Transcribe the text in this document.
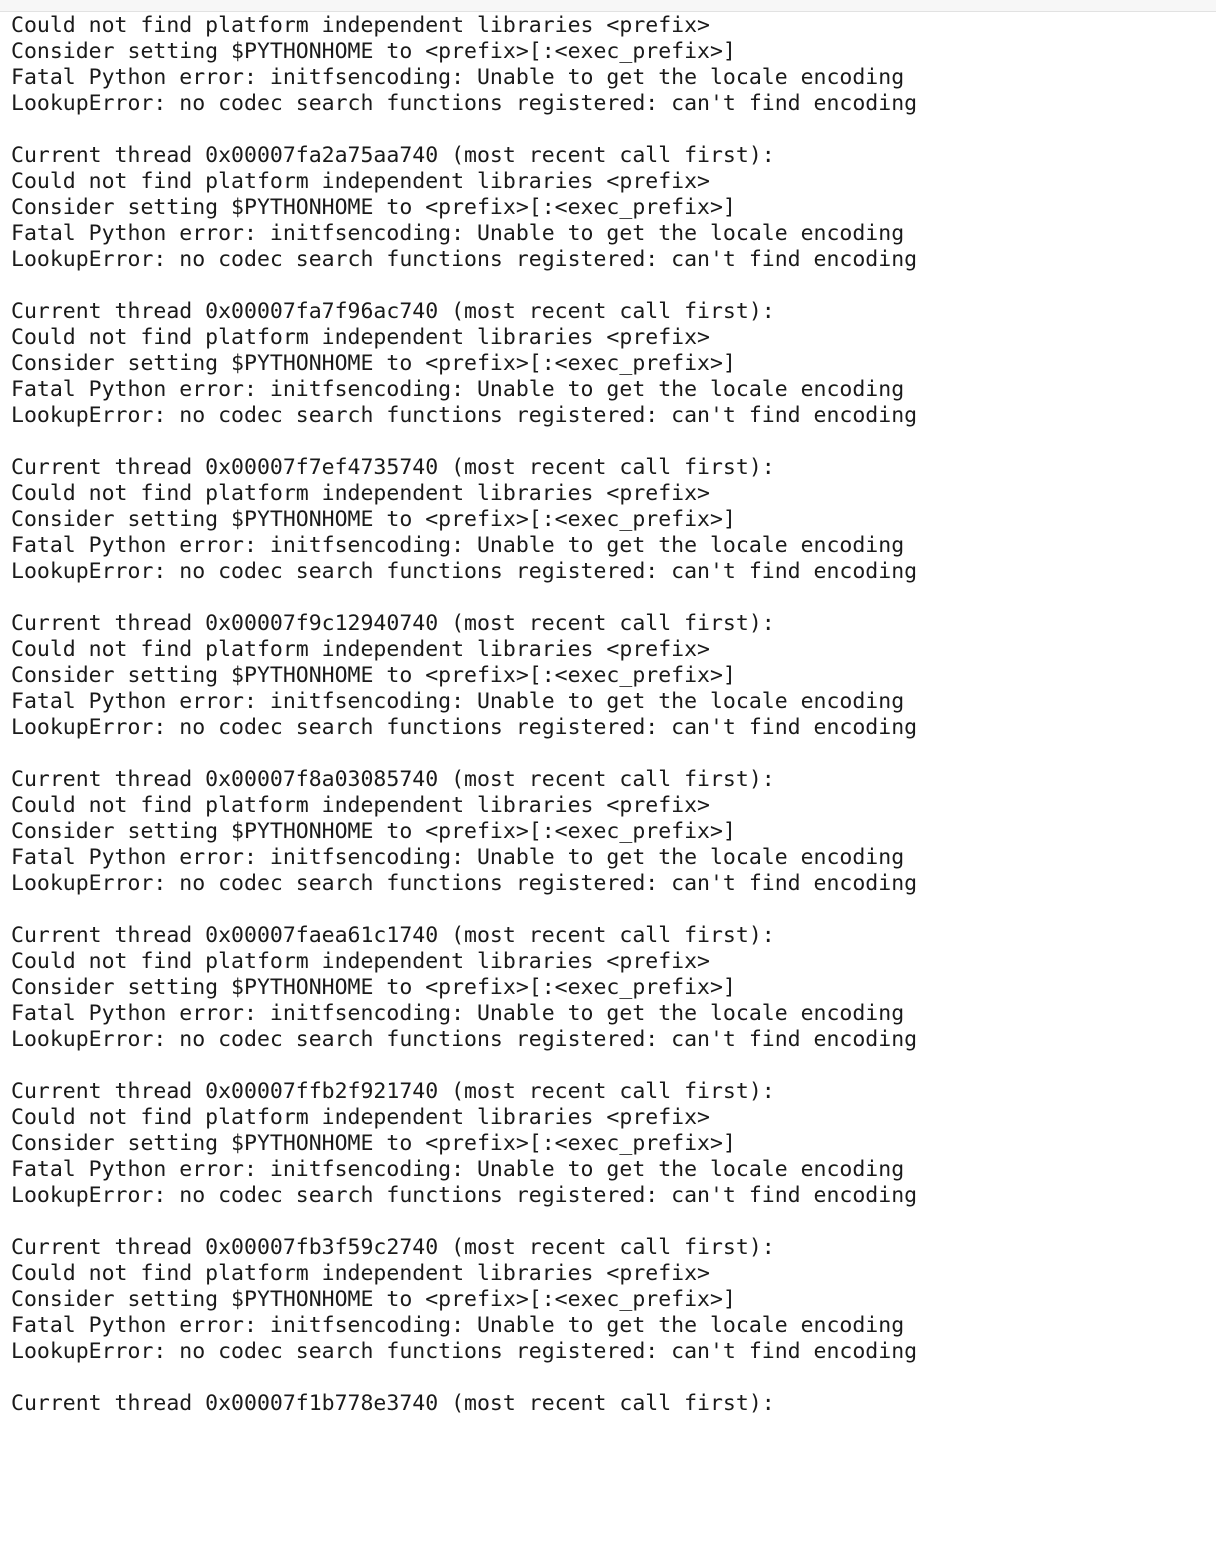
Could not find platform independent libraries <prefix>
Consider setting $PYTHONHOME to <prefix>[:<exec_prefix>]
Fatal Python error: initfsencoding: Unable to get the locale encoding
LookupError: no codec search functions registered: can't find encoding

Current thread 0x00007fa2a75aa740 (most recent call first):
Could not find platform independent libraries <prefix>
Consider setting $PYTHONHOME to <prefix>[:<exec_prefix>]
Fatal Python error: initfsencoding: Unable to get the locale encoding
LookupError: no codec search functions registered: can't find encoding

Current thread 0x00007fa7f96ac740 (most recent call first):
Could not find platform independent libraries <prefix>
Consider setting $PYTHONHOME to <prefix>[:<exec_prefix>]
Fatal Python error: initfsencoding: Unable to get the locale encoding
LookupError: no codec search functions registered: can't find encoding

Current thread 0x00007f7ef4735740 (most recent call first):
Could not find platform independent libraries <prefix>
Consider setting $PYTHONHOME to <prefix>[:<exec_prefix>]
Fatal Python error: initfsencoding: Unable to get the locale encoding
LookupError: no codec search functions registered: can't find encoding

Current thread 0x00007f9c12940740 (most recent call first):
Could not find platform independent libraries <prefix>
Consider setting $PYTHONHOME to <prefix>[:<exec_prefix>]
Fatal Python error: initfsencoding: Unable to get the locale encoding
LookupError: no codec search functions registered: can't find encoding

Current thread 0x00007f8a03085740 (most recent call first):
Could not find platform independent libraries <prefix>
Consider setting $PYTHONHOME to <prefix>[:<exec_prefix>]
Fatal Python error: initfsencoding: Unable to get the locale encoding
LookupError: no codec search functions registered: can't find encoding

Current thread 0x00007faea61c1740 (most recent call first):
Could not find platform independent libraries <prefix>
Consider setting $PYTHONHOME to <prefix>[:<exec_prefix>]
Fatal Python error: initfsencoding: Unable to get the locale encoding
LookupError: no codec search functions registered: can't find encoding

Current thread 0x00007ffb2f921740 (most recent call first):
Could not find platform independent libraries <prefix>
Consider setting $PYTHONHOME to <prefix>[:<exec_prefix>]
Fatal Python error: initfsencoding: Unable to get the locale encoding
LookupError: no codec search functions registered: can't find encoding

Current thread 0x00007fb3f59c2740 (most recent call first):
Could not find platform independent libraries <prefix>
Consider setting $PYTHONHOME to <prefix>[:<exec_prefix>]
Fatal Python error: initfsencoding: Unable to get the locale encoding
LookupError: no codec search functions registered: can't find encoding

Current thread 0x00007f1b778e3740 (most recent call first):
